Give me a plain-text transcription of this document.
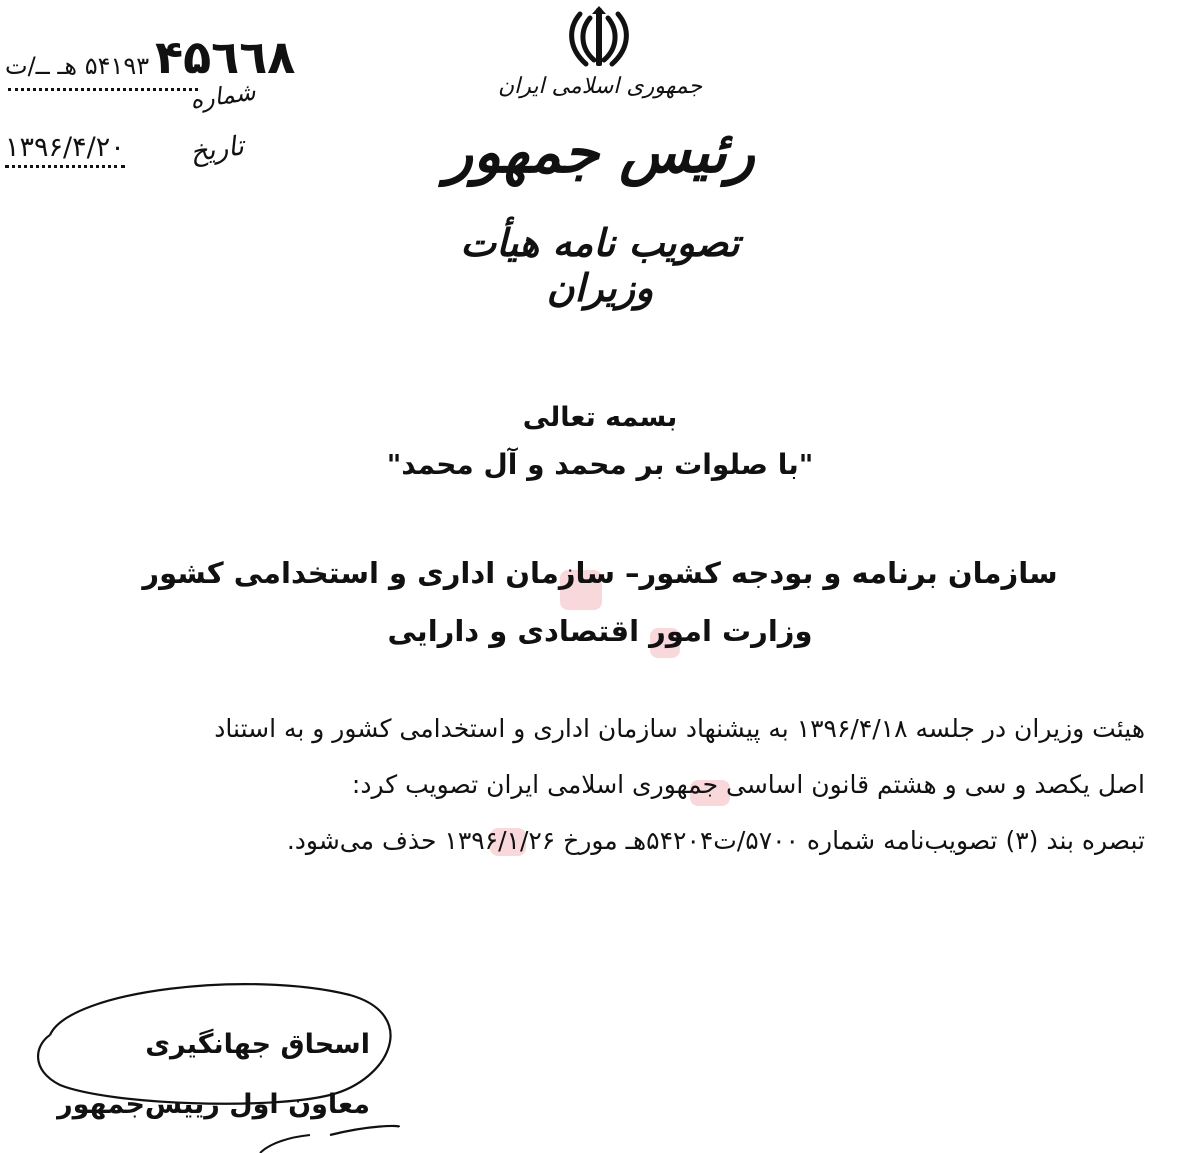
۵۴۱۹۳ هـ ــ/ت ۴۵٦٦۸
شماره
۱۳۹۶/۴/۲۰ تاریخ
جمهوری اسلامی ایران
رئیس جمهور
تصویب نامه هیأت وزیران
بسمه تعالی
"با صلوات بر محمد و آل محمد"
سازمان برنامه و بودجه کشور– سازمان اداری و استخدامی کشور
وزارت امور اقتصادی و دارایی
هیئت وزیران در جلسه ۱۳۹۶/۴/۱۸ به پیشنهاد سازمان اداری و استخدامی کشور و به استناد
اصل یکصد و سی و هشتم قانون اساسی جمهوری اسلامی ایران تصویب کرد:
تبصره بند (۳) تصویب‌نامه شماره ۵۷۰۰/ت۵۴۲۰۴هـ مورخ ۱۳۹۶/۱/۲۶ حذف می‌شود.
اسحاق جهانگیری
معاون اول رییس‌جمهور
